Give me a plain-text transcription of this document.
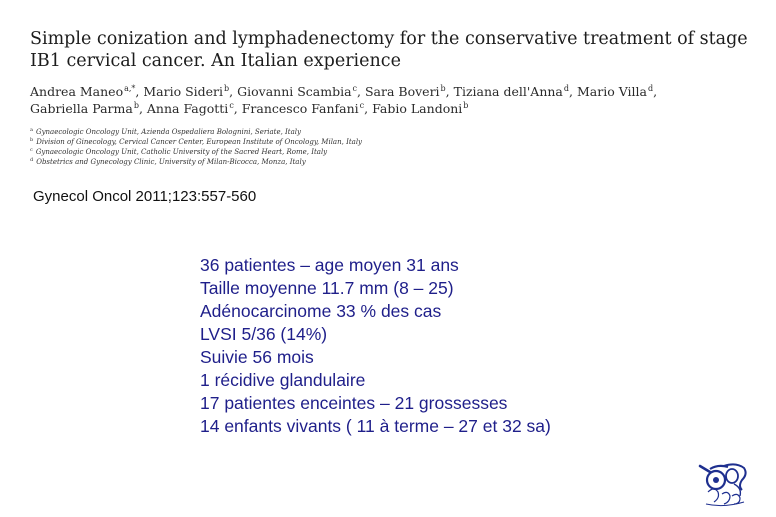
Simple conization and lymphadenectomy for the conservative treatment of stage IB1 cervical cancer. An Italian experience
Andrea Maneo$^{a,*}$, Mario Sideri$^b$, Giovanni Scambia$^c$, Sara Boveri$^b$, Tiziana dell'Anna$^d$, Mario Villa$^d$, Gabriella Parma$^b$, Anna Fagotti$^c$, Francesco Fanfani$^c$, Fabio Landoni$^b$
$^a$ Gynaecologic Oncology Unit, Azienda Ospedaliera Bolognini, Seriate, Italy
$^b$ Division of Ginecology, Cervical Cancer Center, European Institute of Oncology, Milan, Italy
$^c$ Gynaecologic Oncology Unit, Catholic University of the Sacred Heart, Rome, Italy
$^d$ Obstetrics and Gynecology Clinic, University of Milan-Bicocca, Monza, Italy
Gynecol Oncol 2011;123:557-560
36 patientes – age moyen 31 ans
Taille moyenne 11.7 mm (8 – 25)
Adénocarcinome 33 % des cas
LVSI 5/36 (14%)
Suivie 56 mois
1 récidive glandulaire
17 patientes enceintes – 21 grossesses
14 enfants vivants ( 11 à terme – 27 et 32 sa)
